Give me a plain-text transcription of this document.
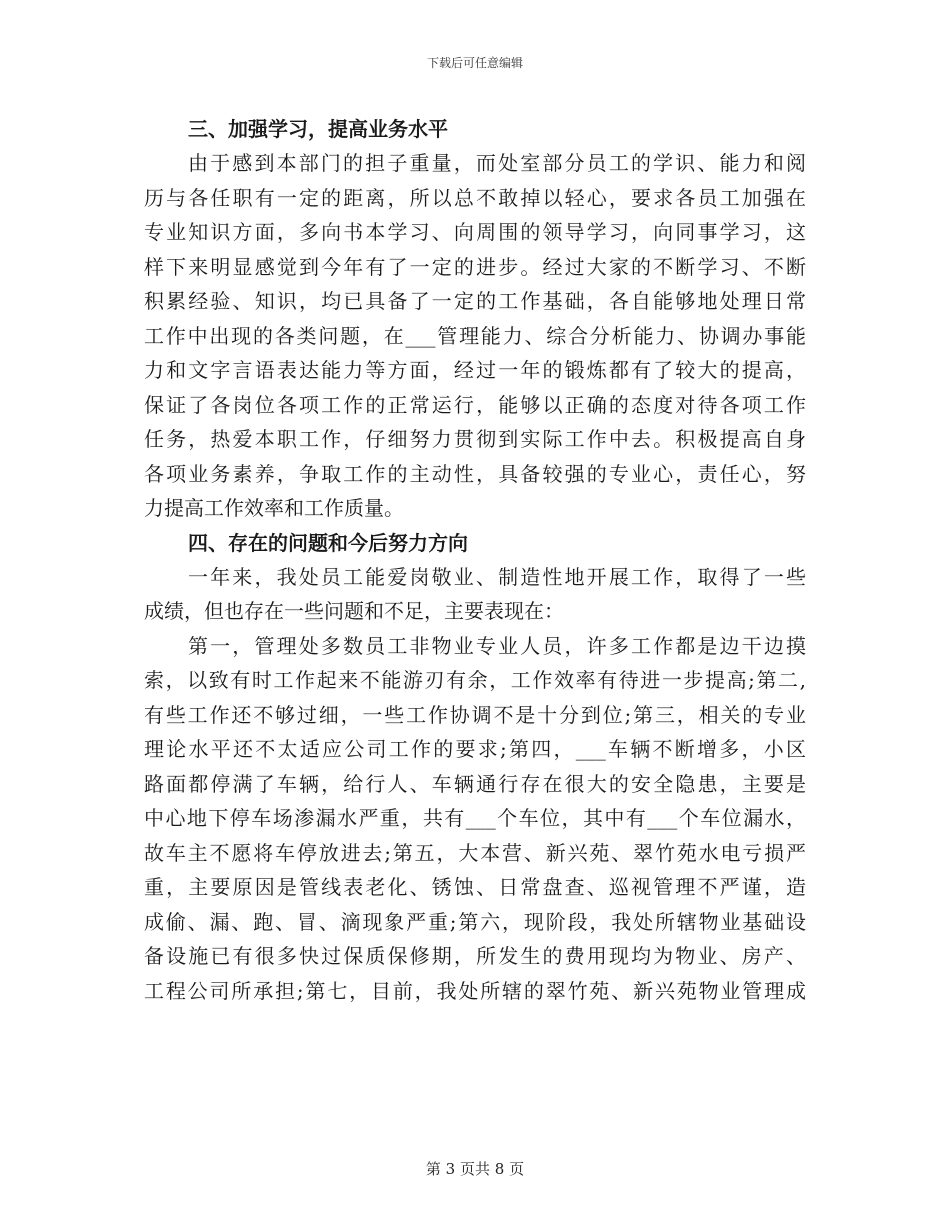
下载后可任意编辑
三、加强学习，提高业务水平
由于感到本部门的担子重量，而处室部分员工的学识、能力和阅
历与各任职有一定的距离，所以总不敢掉以轻心，要求各员工加强在
专业知识方面，多向书本学习、向周围的领导学习，向同事学习，这
样下来明显感觉到今年有了一定的进步。经过大家的不断学习、不断
积累经验、知识，均已具备了一定的工作基础，各自能够地处理日常
工作中出现的各类问题，在___管理能力、综合分析能力、协调办事能
力和文字言语表达能力等方面，经过一年的锻炼都有了较大的提高，
保证了各岗位各项工作的正常运行，能够以正确的态度对待各项工作
任务，热爱本职工作，仔细努力贯彻到实际工作中去。积极提高自身
各项业务素养，争取工作的主动性，具备较强的专业心，责任心，努
力提高工作效率和工作质量。
四、存在的问题和今后努力方向
一年来，我处员工能爱岗敬业、制造性地开展工作，取得了一些
成绩，但也存在一些问题和不足，主要表现在：
第一，管理处多数员工非物业专业人员，许多工作都是边干边摸
索，以致有时工作起来不能游刃有余，工作效率有待进一步提高;第二,
有些工作还不够过细，一些工作协调不是十分到位;第三，相关的专业
理论水平还不太适应公司工作的要求;第四，___车辆不断增多，小区
路面都停满了车辆，给行人、车辆通行存在很大的安全隐患，主要是
中心地下停车场渗漏水严重，共有___个车位，其中有___个车位漏水，
故车主不愿将车停放进去;第五，大本营、新兴苑、翠竹苑水电亏损严
重，主要原因是管线表老化、锈蚀、日常盘查、巡视管理不严谨，造
成偷、漏、跑、冒、滴现象严重;第六，现阶段，我处所辖物业基础设
备设施已有很多快过保质保修期，所发生的费用现均为物业、房产、
工程公司所承担;第七，目前，我处所辖的翠竹苑、新兴苑物业管理成
第 3 页共 8 页
